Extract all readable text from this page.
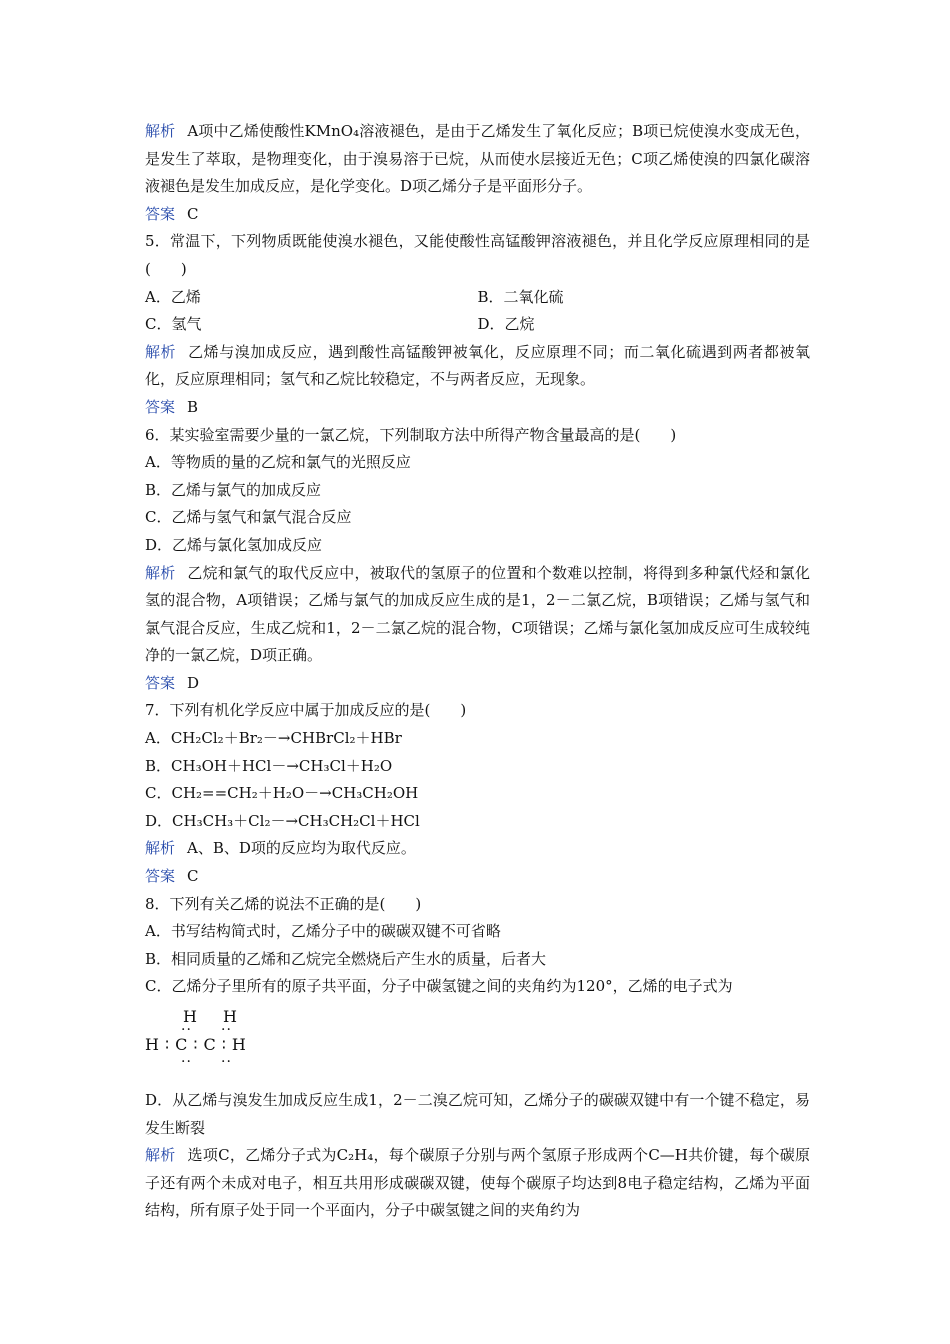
解析 A项中乙烯使酸性KMnO₄溶液褪色，是由于乙烯发生了氧化反应；B项已烷使溴水变成无色，是发生了萃取，是物理变化，由于溴易溶于已烷，从而使水层接近无色；C项乙烯使溴的四氯化碳溶液褪色是发生加成反应，是化学变化。D项乙烯分子是平面形分子。

答案 C

5．常温下，下列物质既能使溴水褪色，又能使酸性高锰酸钾溶液褪色，并且化学反应原理相同的是(　　)

A．乙烯	B．二氧化硫
C．氢气	D．乙烷

解析 乙烯与溴加成反应，遇到酸性高锰酸钾被氧化，反应原理不同；而二氧化硫遇到两者都被氧化，反应原理相同；氢气和乙烷比较稳定，不与两者反应，无现象。

答案 B

6．某实验室需要少量的一氯乙烷，下列制取方法中所得产物含量最高的是(　　)

A．等物质的量的乙烷和氯气的光照反应

B．乙烯与氯气的加成反应

C．乙烯与氢气和氯气混合反应

D．乙烯与氯化氢加成反应

解析 乙烷和氯气的取代反应中，被取代的氢原子的位置和个数难以控制，将得到多种氯代烃和氯化氢的混合物，A项错误；乙烯与氯气的加成反应生成的是1，2－二氯乙烷，B项错误；乙烯与氢气和氯气混合反应，生成乙烷和1，2－二氯乙烷的混合物，C项错误；乙烯与氯化氢加成反应可生成较纯净的一氯乙烷，D项正确。

答案 D

7．下列有机化学反应中属于加成反应的是(　　)

A．CH₂Cl₂＋Br₂－→CHBrCl₂＋HBr

B．CH₃OH＋HCl－→CH₃Cl＋H₂O

C．CH₂==CH₂＋H₂O－→CH₃CH₂OH

D．CH₃CH₃＋Cl₂－→CH₃CH₂Cl＋HCl

解析 A、B、D项的反应均为取代反应。

答案 C

8．下列有关乙烯的说法不正确的是(　　)

A．书写结构简式时，乙烯分子中的碳碳双键不可省略

B．相同质量的乙烯和乙烷完全燃烧后产生水的质量，后者大

C．乙烯分子里所有的原子共平面，分子中碳氢键之间的夹角约为120°，乙烯的电子式为

H H
·· ··
H∶C∶C∶H
·· ··

D．从乙烯与溴发生加成反应生成1，2－二溴乙烷可知，乙烯分子的碳碳双键中有一个键不稳定，易发生断裂

解析 选项C，乙烯分子式为C₂H₄，每个碳原子分别与两个氢原子形成两个C—H共价键，每个碳原子还有两个未成对电子，相互共用形成碳碳双键，使每个碳原子均达到8电子稳定结构，乙烯为平面结构，所有原子处于同一个平面内，分子中碳氢键之间的夹角约为
